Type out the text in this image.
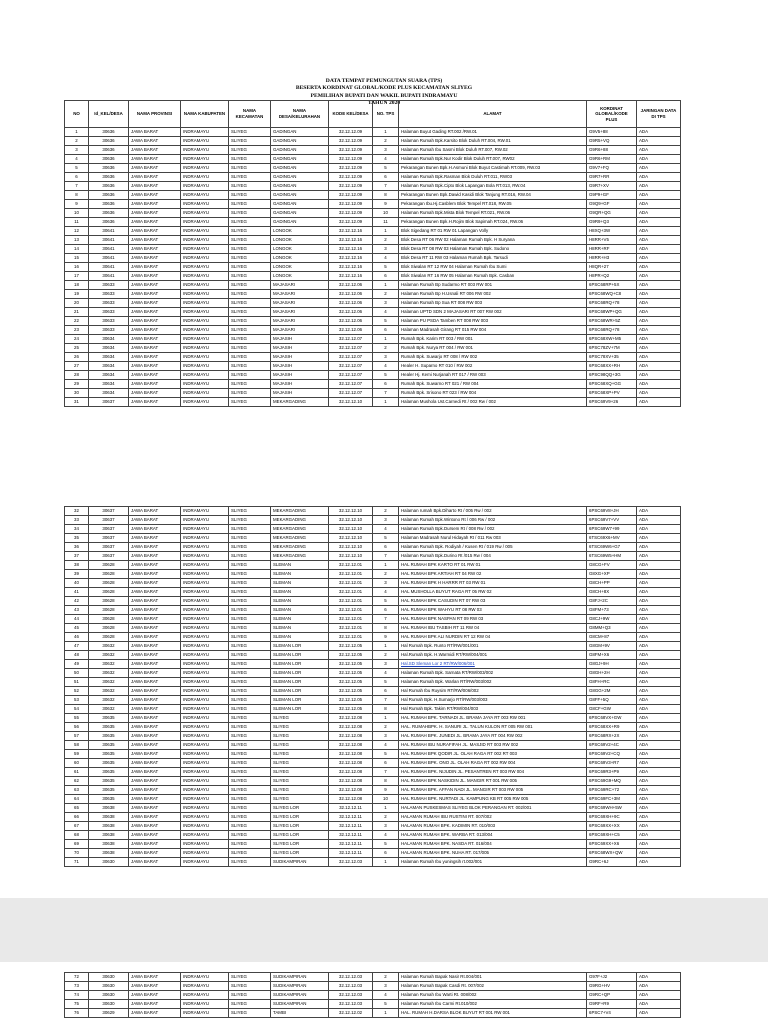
DATA TEMPAT PEMUNGUTAN SUARA (TPS)
BESERTA KORDINAT GLOBAL/KODE PLUS KECAMATAN SLIYEG
PEMILIHAN BUPATI DAN WAKIL BUPATI INDRAMAYU
TAHUN 2020
NO	Id_KEL/DESA	NAMA PROVINSI	NAMA KABUPATEN	NAMA KECAMATAN	NAMA DESA/KELURAHAN	KODE KEL/DESA	NO. TPS	ALAMAT	KORDINAT GLOBAL/KODE PLUS	JARINGAN DATA DI TPS
1	30636	JAWA BARAT	INDRAMAYU	SLIYEG	GADINGAN	32.12.12.09	1	Halaman Buyut Gading RT.002 /RW.01	G9V5+88	ADA
2	30636	JAWA BARAT	INDRAMAYU	SLIYEG	GADINGAN	32.12.12.09	2	Halaman Rumah Bpk.Karsito Blok Duluh RT.004, RW.01	G9R5+VQ	ADA
3	30636	JAWA BARAT	INDRAMAYU	SLIYEG	GADINGAN	32.12.12.09	3	Halaman Rumah Ibu Sasmi Blok Duluh RT.007, RW.02	G9R6+88	ADA
4	30636	JAWA BARAT	INDRAMAYU	SLIYEG	GADINGAN	32.12.12.09	4	Halaman Rumah Bpk.Nur Kodir Blok Duluh RT.007, RW02	G9R6+RM	ADA
5	30636	JAWA BARAT	INDRAMAYU	SLIYEG	GADINGAN	32.12.12.09	5	Pekarangan Bunen Bpk.H.Asmuni Blok Buyut Castimah RT.009, RW.03	G9V7+FQ	ADA
6	30636	JAWA BARAT	INDRAMAYU	SLIYEG	GADINGAN	32.12.12.09	6	Halaman Rumah Bpk.Rasman Blok Duluh RT.011, RW03	G9R7+RR	ADA
7	30636	JAWA BARAT	INDRAMAYU	SLIYEG	GADINGAN	32.12.12.09	7	Halaman Rumah Bpk.Cipto Blok Lapangan Bola RT.013, RW.04	G9R7+XV	ADA
8	30636	JAWA BARAT	INDRAMAYU	SLIYEG	GADINGAN	32.12.12.09	8	Pekarangan Bunen Bpk.Dawid Kasidi Blok Tanjung RT.016, RW.04	G9P9+GF	ADA
9	30636	JAWA BARAT	INDRAMAYU	SLIYEG	GADINGAN	32.12.12.09	9	Pekarangan Ibu.Hj.Casblem Blok Tempel RT.018, RW.05	G9Q9+GF	ADA
10	30636	JAWA BARAT	INDRAMAYU	SLIYEG	GADINGAN	32.12.12.09	10	Halaman Rumah Bpk.Mista Blok Tempel RT.021, RW.06	G9QR+QG	ADA
11	30636	JAWA BARAT	INDRAMAYU	SLIYEG	GADINGAN	32.12.12.09	11	Pekarangan Bunen Bpk.H.Rojim Blok Sapimah RT.024, RW.06	G9R9+Q3	ADA
12	30641	JAWA BARAT	INDRAMAYU	SLIYEG	LONGOK	32.12.12.16	1	Blok Sigedang RT 01 RW 01 Lapangan Volly	H8XQ+3W	ADA
13	30641	JAWA BARAT	INDRAMAYU	SLIYEG	LONGOK	32.12.12.16	2	Blok Desa RT 06 RW 02 Halaman Rumah Bpk. H Suryana	H8RR+V5	ADA
14	30641	JAWA BARAT	INDRAMAYU	SLIYEG	LONGOK	32.12.12.16	3	Blok Desa RT 08 RW 03 Halaman Rumah Bpk. Sudono	H8RR+RF	ADA
15	30641	JAWA BARAT	INDRAMAYU	SLIYEG	LONGOK	32.12.12.16	4	Blok Desa RT 11 RW 03 Halaman Rumah Bpk. Tarsudi	H8RR+H3	ADA
16	30641	JAWA BARAT	INDRAMAYU	SLIYEG	LONGOK	32.12.12.16	5	Blok Siwalan RT 12 RW 04 Halaman Rumah Ibu Sumi	H8QR+27	ADA
17	30641	JAWA BARAT	INDRAMAYU	SLIYEG	LONGOK	32.12.12.16	6	Blok Siwalan RT 16 RW 05 Halaman Rumah Bpk. Casban	H8PR+Q2	ADA
18	30633	JAWA BARAT	INDRAMAYU	SLIYEG	MAJASARI	32.12.12.06	1	Halaman Rumah Bp Sudarmo RT 003 RW 001	6PSC68RP+5X	ADA
19	30633	JAWA BARAT	INDRAMAYU	SLIYEG	MAJASARI	32.12.12.06	2	Halaman Rumah Bp H.Usnali RT 006 RW 002	6PSC68WQ+C8	ADA
20	30633	JAWA BARAT	INDRAMAYU	SLIYEG	MAJASARI	32.12.12.06	3	Halaman Rumah Bp Sua RT 008 RW 003	6PSC68RQ+78	ADA
21	30633	JAWA BARAT	INDRAMAYU	SLIYEG	MAJASARI	32.12.12.06	4	Halaman UPTD SDN 2 MAJASARI RT 007 RW 002	6PSC68WP+QG	ADA
22	30633	JAWA BARAT	INDRAMAYU	SLIYEG	MAJASARI	32.12.12.06	5	Halaman PU PSDA Tamben RT 008 RW 003	6PSC68WR+5Z	ADA
23	30633	JAWA BARAT	INDRAMAYU	SLIYEG	MAJASARI	32.12.12.06	6	Halaman Madrasah Girang RT 015 RW 004	6PSC68RQ+78	ADA
24	30634	JAWA BARAT	INDRAMAYU	SLIYEG	MAJASIH	32.12.12.07	1	Rumah Bpk. Karim RT 003 / RW 001	6PSC68XW+M5	ADA
25	30634	JAWA BARAT	INDRAMAYU	SLIYEG	MAJASIH	32.12.12.07	2	Rumah Bpk. Nurya RT 004 / RW 001	6PSC78ZV+7M	ADA
26	30634	JAWA BARAT	INDRAMAYU	SLIYEG	MAJASIH	32.12.12.07	3	Rumah Bpk. Suwarjo RT 008 / RW 002	6PSC78XV+35	ADA
27	30634	JAWA BARAT	INDRAMAYU	SLIYEG	MAJASIH	32.12.12.07	4	Healer H. Suparno RT 010 / RW 002	6PSC68XX+RH	ADA
28	30634	JAWA BARAT	INDRAMAYU	SLIYEG	MAJASIH	32.12.12.07	5	Healer Hj. Kemi Nurjanah RT 017 / RW 003	6PSC98QQ+3G	ADA
29	30634	JAWA BARAT	INDRAMAYU	SLIYEG	MAJASIH	32.12.12.07	6	Rumah Bpk. Suwarno RT 021 / RW 004	6PSC68XQ+GG	ADA
30	30634	JAWA BARAT	INDRAMAYU	SLIYEG	MAJASIH	32.12.12.07	7	Rumah Bpk. Srisono RT 023 / RW 004	6PSC68XP+PV	ADA
31	30637	JAWA BARAT	INDRAMAYU	SLIYEG	MEKARGADING	32.12.12.10	1	Halaman Mushola Ust.Carnedi Rt / 002 Rw / 002	6PSC69V9+26	ADA
32	30637	JAWA BARAT	INDRAMAYU	SLIYEG	MEKARGADING	32.12.12.10	2	Halaman rumah Bpk.Diharto Rt / 005 Rw / 002	6PSC69V8+JH	ADA
33	30637	JAWA BARAT	INDRAMAYU	SLIYEG	MEKARGADING	32.12.12.10	3	Halaman Rumah Bpk.Wintono Rt / 006 Rw / 002	6PSC69V7+VV	ADA
34	30637	JAWA BARAT	INDRAMAYU	SLIYEG	MEKARGADING	32.12.12.10	4	Halaman Rumah Bpk.Dursem Rt / 008 Rw / 002	6PSC69W7+99	ADA
35	30637	JAWA BARAT	INDRAMAYU	SLIYEG	MEKARGADING	32.12.12.10	5	Halaman Madrasah Nurul Hidayah Rt / 011 Rw 003	6TSC69X6+MV	ADA
36	30637	JAWA BARAT	INDRAMAYU	SLIYEG	MEKARGADING	32.12.12.10	6	Halaman Rumah Bpk. Rodiyah / Kusen Rt / 019 Rw / 005	6TSC69W6+G7	ADA
37	30637	JAWA BARAT	INDRAMAYU	SLIYEG	MEKARGADING	32.12.12.10	7	Halaman Rumah Bpk.Durino Rt /015 Rw / 004	6TSC69W5+HM	ADA
38	30628	JAWA BARAT	INDRAMAYU	SLIYEG	SLEMAN	32.12.12.01	1	HAL RUMAH BPK KARTO RT 01 RW 01	G8CG+FV	ADA
39	30628	JAWA BARAT	INDRAMAYU	SLIYEG	SLEMAN	32.12.12.01	2	HAL RUMAH BPK ARTIAH RT 04 RW 02	G8XG+XP	ADA
40	30628	JAWA BARAT	INDRAMAYU	SLIYEG	SLEMAN	32.12.12.01	3	HAL RUMAH BPK H HARRR RT 03 RW 01	G8CH+PP	ADA
41	30628	JAWA BARAT	INDRAMAYU	SLIYEG	SLEMAN	32.12.12.01	4	HAL MUSHOLLA BUYUT RAGA RT 05 RW 02	G8CH+8X	ADA
42	30628	JAWA BARAT	INDRAMAYU	SLIYEG	SLEMAN	32.12.12.01	5	HAL RUMAH BPK CASUDIN RT 07 RW 03	G8FJ+2C	ADA
43	30628	JAWA BARAT	INDRAMAYU	SLIYEG	SLEMAN	32.12.12.01	6	HAL RUMAH BPK WAHYU RT 08 RW 03	G8FM+73	ADA
44	30628	JAWA BARAT	INDRAMAYU	SLIYEG	SLEMAN	32.12.12.01	7	HAL RUMAH BPK NASPAN RT 09 RW 03	G8CJ+9W	ADA
45	30628	JAWA BARAT	INDRAMAYU	SLIYEG	SLEMAN	32.12.12.01	8	HAL RUMAH IBU TASBIH RT 11 RW 04	G8MM+Q3	ADA
46	30628	JAWA BARAT	INDRAMAYU	SLIYEG	SLEMAN	32.12.12.01	9	HAL RUMAH BPK ALI NURDIN RT 12 RW 04	G8CM+87	ADA
47	30632	JAWA BARAT	INDRAMAYU	SLIYEG	SLEMAN LOR	32.12.12.05	1	Hal Rumah Bpk. Runto RT/RW/001/001	G8GM+9V	ADA
48	30632	JAWA BARAT	INDRAMAYU	SLIYEG	SLEMAN LOR	32.12.12.05	2	Hal.Rumah Bpk. H.Warmidi RT/RW/004/001	G8FM+X6	ADA
49	30632	JAWA BARAT	INDRAMAYU	SLIYEG	SLEMAN LOR	32.12.12.05	3	Hal.SD Sleman Lor 2 RT/RW/006/001	G8GJ+9H	ADA
50	30632	JAWA BARAT	INDRAMAYU	SLIYEG	SLEMAN LOR	32.12.12.05	4	Halaman Rumah Bpk. Sarnata RT/RW/003/002	G8GH+2H	ADA
51	30632	JAWA BARAT	INDRAMAYU	SLIYEG	SLEMAN LOR	32.12.12.05	5	Halaman Rumah Bpk. Warlan RT/RW/003/002	G8FH+RC	ADA
52	30632	JAWA BARAT	INDRAMAYU	SLIYEG	SLEMAN LOR	32.12.12.05	6	Hal Rumah Ibu Ruysim RT/RW/006/002	G8GG+2M	ADA
53	30632	JAWA BARAT	INDRAMAYU	SLIYEG	SLEMAN LOR	32.12.12.05	7	Hal Rumah Bpk. H.Sumarjo RT/RW/003/003	G8FF+5Q	ADA
54	30632	JAWA BARAT	INDRAMAYU	SLIYEG	SLEMAN LOR	32.12.12.05	8	Hal Rumah Bpk. Takim RT/RW/004/003	G8CF+GW	ADA
55	30635	JAWA BARAT	INDRAMAYU	SLIYEG	SLIYEG	32.12.12.08	1	HAL RUMAH BPK. TARNADI JL. BRAMA JAYA RT 003 RW 001	6PSC68VX+GW	ADA
56	30635	JAWA BARAT	INDRAMAYU	SLIYEG	SLIYEG	32.12.12.08	2	HAL. RUMAHBPK. H. SANURI JL. TALUN KULON RT 005 RW 001	6PSC68XX+R9	ADA
57	30635	JAWA BARAT	INDRAMAYU	SLIYEG	SLIYEG	32.12.12.08	3	HAL RUMAH BPK. JUNEDI JL. BRAMA JAYA RT 004 RW 002	6PSC68RX+2X	ADA
58	30635	JAWA BARAT	INDRAMAYU	SLIYEG	SLIYEG	32.12.12.08	4	HAL RUMAH IBU NURAFIFAH JL. MASJID RT 003 RW 002	6PSC69V2+4C	ADA
59	30635	JAWA BARAT	INDRAMAYU	SLIYEG	SLIYEG	32.12.12.08	5	HAL RUMAH BPK QODIR JL. OLAH RAGA RT 002 RT 003	6PSC69V2+CQ	ADA
60	30635	JAWA BARAT	INDRAMAYU	SLIYEG	SLIYEG	32.12.12.08	6	HAL RUMAH BPK. ONO JL. OLAH RAGA RT 002 RW 004	6PSC69V3+R7	ADA
61	30635	JAWA BARAT	INDRAMAYU	SLIYEG	SLIYEG	32.12.12.08	7	HAL RUMAH BPK. NIJUDIN JL. PESANTREN RT 003 RW 004	6PSC69R3+P9	ADA
62	30635	JAWA BARAT	INDRAMAYU	SLIYEG	SLIYEG	32.12.12.08	8	HAL RUMAH BPK NASKIDIN JL. MANGIR RT 001 RW 005	6PSC69G9+MQ	ADA
63	30635	JAWA BARAT	INDRAMAYU	SLIYEG	SLIYEG	32.12.12.08	9	HAL RUMAH BPK. AFFAN NADI JL. MANGIR RT 003 RW 005	6PSC69RC+72	ADA
64	30635	JAWA BARAT	INDRAMAYU	SLIYEG	SLIYEG	32.12.12.08	10	HAL RUMAH BPK. NURTADI JL. KAMPUNG KB RT 005 RW 005	6PSC69FC+3M	ADA
65	30638	JAWA BARAT	INDRAMAYU	SLIYEG	SLIYEG LOR	32.12.12.11	1	HALAMAN PUSKESMAS SLIYEG BLOK PERANGAN RT. 002/001	6PSC69WH+5W	ADA
66	30638	JAWA BARAT	INDRAMAYU	SLIYEG	SLIYEG LOR	32.12.12.11	2	HALAMAN RUMAH IBU RUSTINI RT. 007/002	6PSC69XH+9C	ADA
67	30638	JAWA BARAT	INDRAMAYU	SLIYEG	SLIYEG LOR	32.12.12.11	3	HALAMAN RUMAH BPK. KADIMIN RT. 010/003	6PSC69XX+XX	ADA
68	30638	JAWA BARAT	INDRAMAYU	SLIYEG	SLIYEG LOR	32.12.12.11	4	HALAMAN RUMAH BPK. WARBA RT. 013/004	6PSC69XH+C5	ADA
69	30638	JAWA BARAT	INDRAMAYU	SLIYEG	SLIYEG LOR	32.12.12.11	5	HALAMAN RUMAH BPK. NASDA RT. 016/004	6PSC69XX+X6	ADA
70	30638	JAWA BARAT	INDRAMAYU	SLIYEG	SLIYEG LOR	32.12.12.11	6	HALAMAN RUMAH BPK. NUHA RT. 017/005	6PSC68WX+QW	ADA
71	30630	JAWA BARAT	INDRAMAYU	SLIYEG	SUDIKAMPIRAN	32.12.12.03	1	Halaman Rumah Ibu yuningsih rt.002/001	G9RC+6J	ADA
72	30630	JAWA BARAT	INDRAMAYU	SLIYEG	SUDIKAMPIRAN	32.12.12.03	2	Halaman Rumah Bapak Nasir Rt.004/001	G97F+J2	ADA
73	30630	JAWA BARAT	INDRAMAYU	SLIYEG	SUDIKAMPIRAN	32.12.12.03	3	Halaman Rumah Bapak Casdi Rt. 007/002	G9RG+HV	ADA
74	30630	JAWA BARAT	INDRAMAYU	SLIYEG	SUDIKAMPIRAN	32.12.12.03	4	Halaman Rumah Ibu Warti Rt. 008/002	G9RC+QP	ADA
75	30630	JAWA BARAT	INDRAMAYU	SLIYEG	SUDIKAMPIRAN	32.12.12.03	5	Halaman Rumah Ibu Carmi Rt.010/002	G9RF+R9	ADA
76	30629	JAWA BARAT	INDRAMAYU	SLIYEG	TAMBI	32.12.12.02	1	HAL. RUMAH H.DARSA BLOK BUYUT RT 001 RW 001	6PSC7+V4	ADA
